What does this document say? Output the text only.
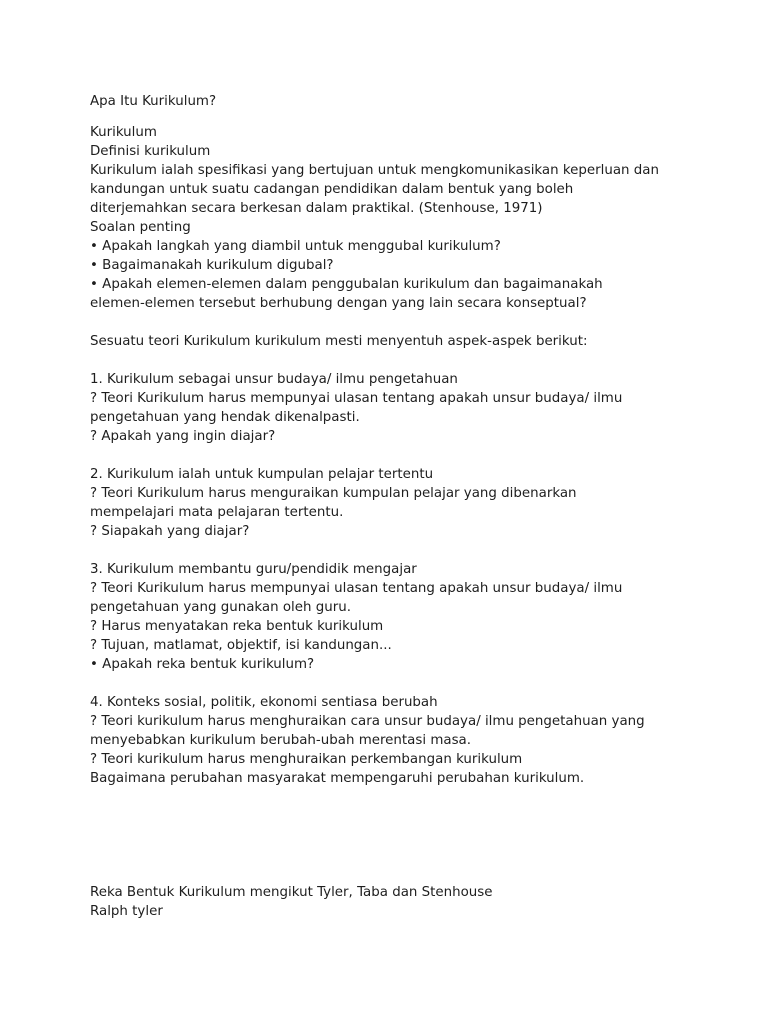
Apa Itu Kurikulum?
Kurikulum
Definisi kurikulum
Kurikulum ialah spesifikasi yang bertujuan untuk mengkomunikasikan keperluan dan
kandungan untuk suatu cadangan pendidikan dalam bentuk yang boleh
diterjemahkan secara berkesan dalam praktikal. (Stenhouse, 1971)
Soalan penting
• Apakah langkah yang diambil untuk menggubal kurikulum?
• Bagaimanakah kurikulum digubal?
• Apakah elemen-elemen dalam penggubalan kurikulum dan bagaimanakah
elemen-elemen tersebut berhubung dengan yang lain secara konseptual?
Sesuatu teori Kurikulum kurikulum mesti menyentuh aspek-aspek berikut:
1. Kurikulum sebagai unsur budaya/ ilmu pengetahuan
? Teori Kurikulum harus mempunyai ulasan tentang apakah unsur budaya/ ilmu
pengetahuan yang hendak dikenalpasti.
? Apakah yang ingin diajar?
2. Kurikulum ialah untuk kumpulan pelajar tertentu
? Teori Kurikulum harus menguraikan kumpulan pelajar yang dibenarkan
mempelajari mata pelajaran tertentu.
? Siapakah yang diajar?
3. Kurikulum membantu guru/pendidik mengajar
? Teori Kurikulum harus mempunyai ulasan tentang apakah unsur budaya/ ilmu
pengetahuan yang gunakan oleh guru.
? Harus menyatakan reka bentuk kurikulum
? Tujuan, matlamat, objektif, isi kandungan...
• Apakah reka bentuk kurikulum?
4. Konteks sosial, politik, ekonomi sentiasa berubah
? Teori kurikulum harus menghuraikan cara unsur budaya/ ilmu pengetahuan yang
menyebabkan kurikulum berubah-ubah merentasi masa.
? Teori kurikulum harus menghuraikan perkembangan kurikulum
Bagaimana perubahan masyarakat mempengaruhi perubahan kurikulum.
Reka Bentuk Kurikulum mengikut Tyler, Taba dan Stenhouse
Ralph tyler
